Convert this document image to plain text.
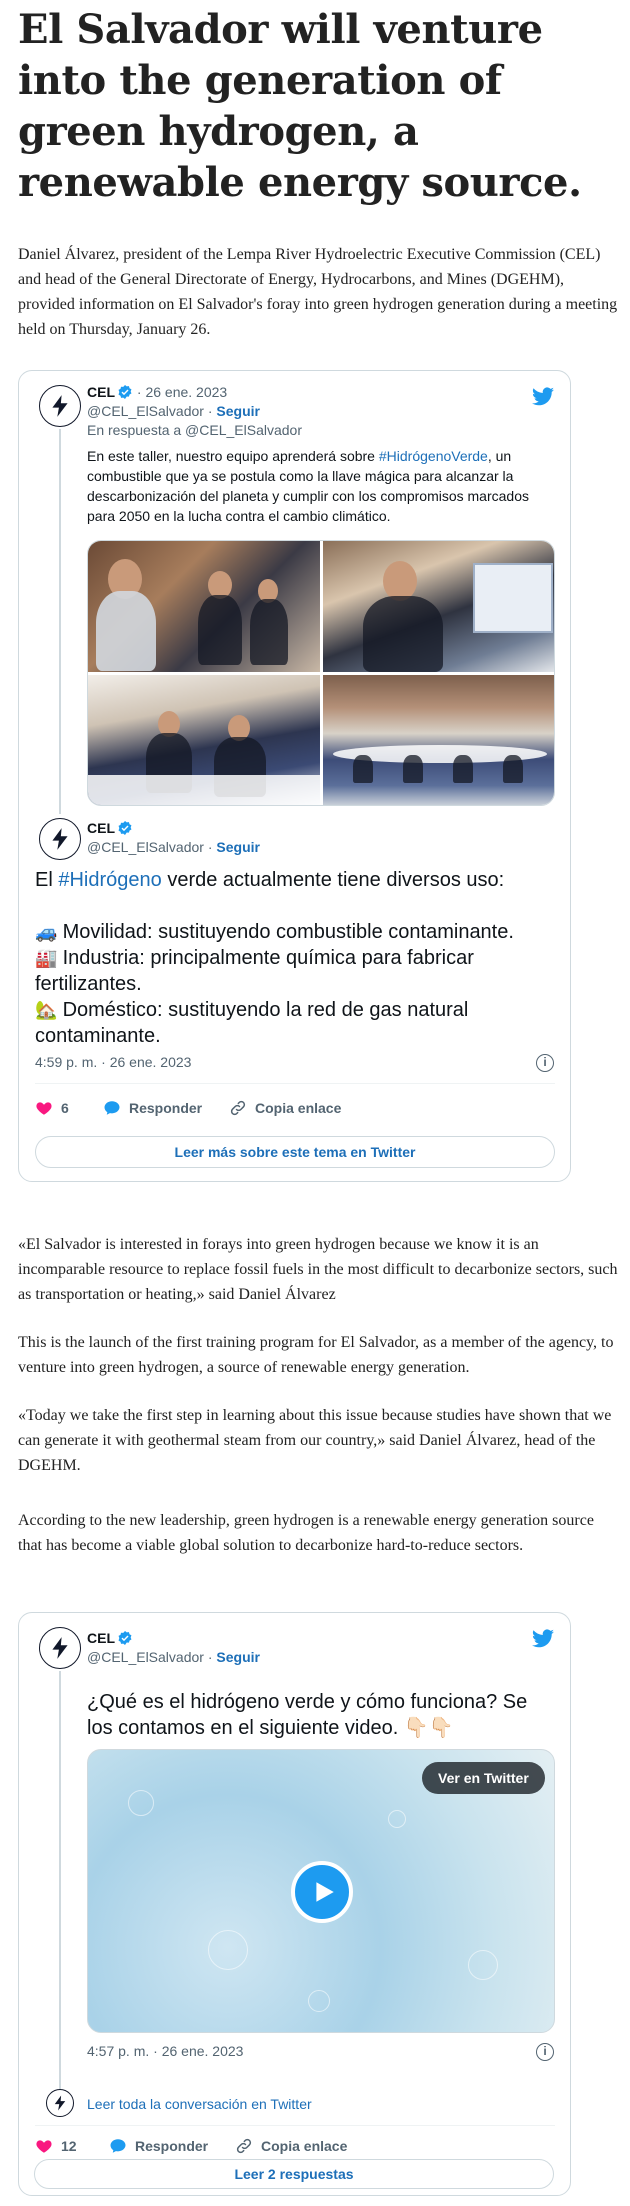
El Salvador will venture into the generation of green hydrogen, a renewable energy source.

Daniel Álvarez, president of the Lempa River Hydroelectric Executive Commission (CEL) and head of the General Directorate of Energy, Hydrocarbons, and Mines (DGEHM), provided information on El Salvador's foray into green hydrogen generation during a meeting held on Thursday, January 26.

CEL · 26 ene. 2023
@CEL_ElSalvador · Seguir
En respuesta a @CEL_ElSalvador

En este taller, nuestro equipo aprenderá sobre #HidrógenoVerde, un combustible que ya se postula como la llave mágica para alcanzar la descarbonización del planeta y cumplir con los compromisos marcados para 2050 en la lucha contra el cambio climático.

CEL
@CEL_ElSalvador · Seguir

El #Hidrógeno verde actualmente tiene diversos uso:

🚙 Movilidad: sustituyendo combustible contaminante.

🏭 Industria: principalmente química para fabricar fertilizantes.

🏡 Doméstico: sustituyendo la red de gas natural contaminante.

4:59 p. m. · 26 ene. 2023	i
6	Responder	Copia enlace
Leer más sobre este tema en Twitter

«El Salvador is interested in forays into green hydrogen because we know it is an incomparable resource to replace fossil fuels in the most difficult to decarbonize sectors, such as transportation or heating,» said Daniel Álvarez

This is the launch of the first training program for El Salvador, as a member of the agency, to venture into green hydrogen, a source of renewable energy generation.

«Today we take the first step in learning about this issue because studies have shown that we can generate it with geothermal steam from our country,» said Daniel Álvarez, head of the DGEHM.

According to the new leadership, green hydrogen is a renewable energy generation source that has become a viable global solution to decarbonize hard-to-reduce sectors.

CEL
@CEL_ElSalvador · Seguir

¿Qué es el hidrógeno verde y cómo funciona? Se los contamos en el siguiente video. 👇🏻👇🏻

Ver en Twitter
4:57 p. m. · 26 ene. 2023	i
Leer toda la conversación en Twitter
12	Responder	Copia enlace
Leer 2 respuestas
